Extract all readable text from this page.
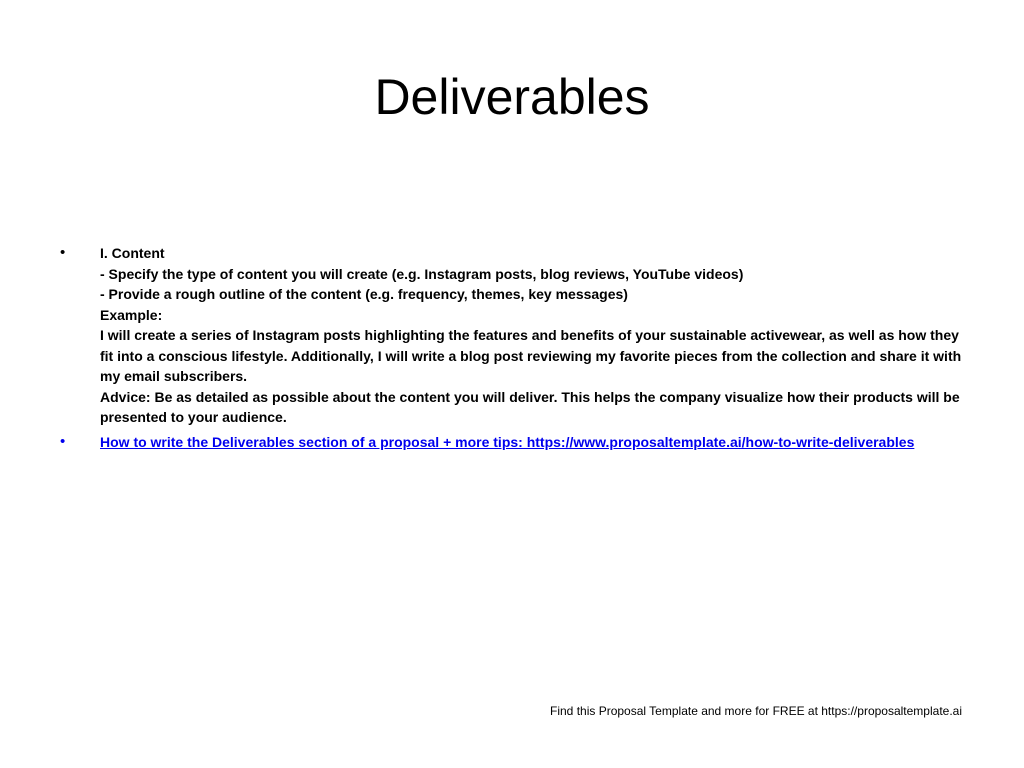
Deliverables
•	I. Content
- Specify the type of content you will create (e.g. Instagram posts, blog reviews, YouTube videos)
- Provide a rough outline of the content (e.g. frequency, themes, key messages)
Example:
I will create a series of Instagram posts highlighting the features and benefits of your sustainable activewear, as well as how they fit into a conscious lifestyle. Additionally, I will write a blog post reviewing my favorite pieces from the collection and share it with my email subscribers.
Advice: Be as detailed as possible about the content you will deliver. This helps the company visualize how their products will be presented to your audience.
•	How to write the Deliverables section of a proposal + more tips: https://www.proposaltemplate.ai/how-to-write-deliverables
Find this Proposal Template and more for FREE at https://proposaltemplate.ai
